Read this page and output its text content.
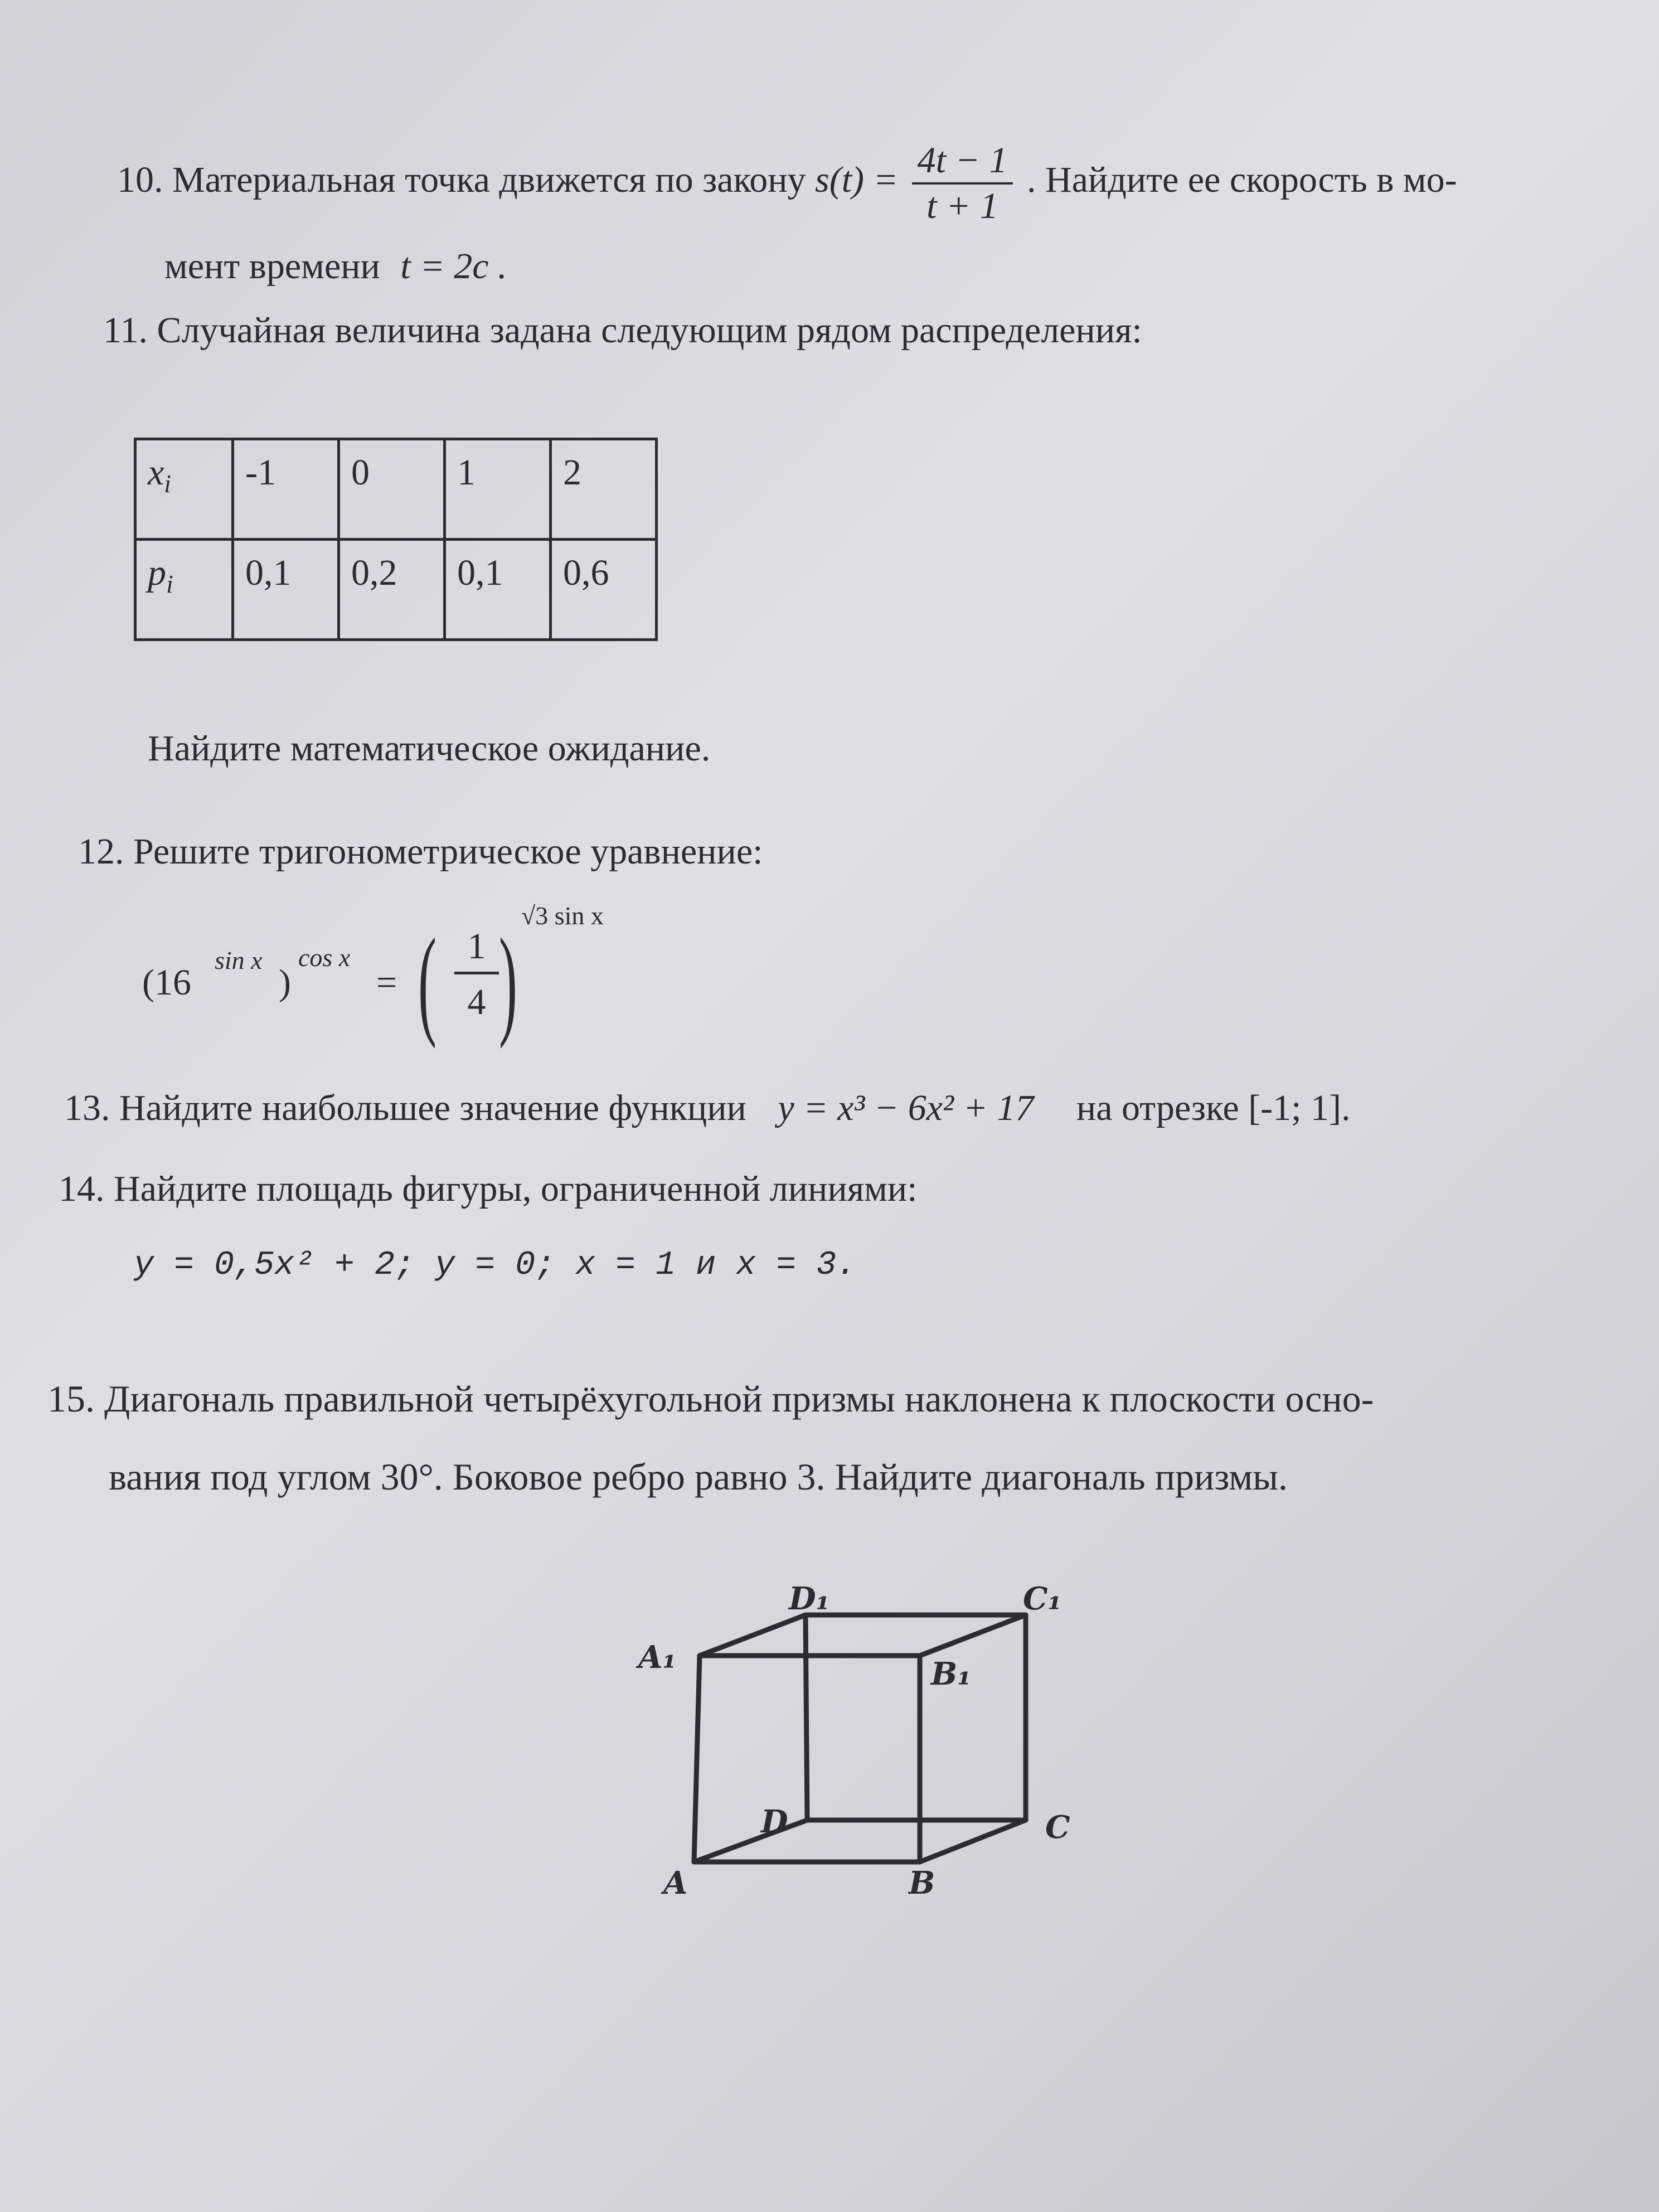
10. Материальная точка движется по закону $s(t) = \frac{4t - 1}{t + 1}$ . Найдите ее скорость в мо-
мент времени t = 2c .
11. Случайная величина задана следующим рядом распределения:
$x_i$	-1	0	1	2
$p_i$	0,1	0,2	0,1	0,6
Найдите математическое ожидание.
12. Решите тригонометрическое уравнение:
(16
sin x
)
cos x
= ( 1
4 ) √3 sin x
13. Найдите наибольшее значение функции y = x³ − 6x² + 17 на отрезке [-1; 1].
14. Найдите площадь фигуры, ограниченной линиями:
y = 0,5x² + 2; y = 0; x = 1 и x = 3.
15. Диагональ правильной четырёхугольной призмы наклонена к плоскости осно-
вания под углом 30°. Боковое ребро равно 3. Найдите диагональ призмы.
D₁	C₁
A₁	B₁
D	C
A	B
